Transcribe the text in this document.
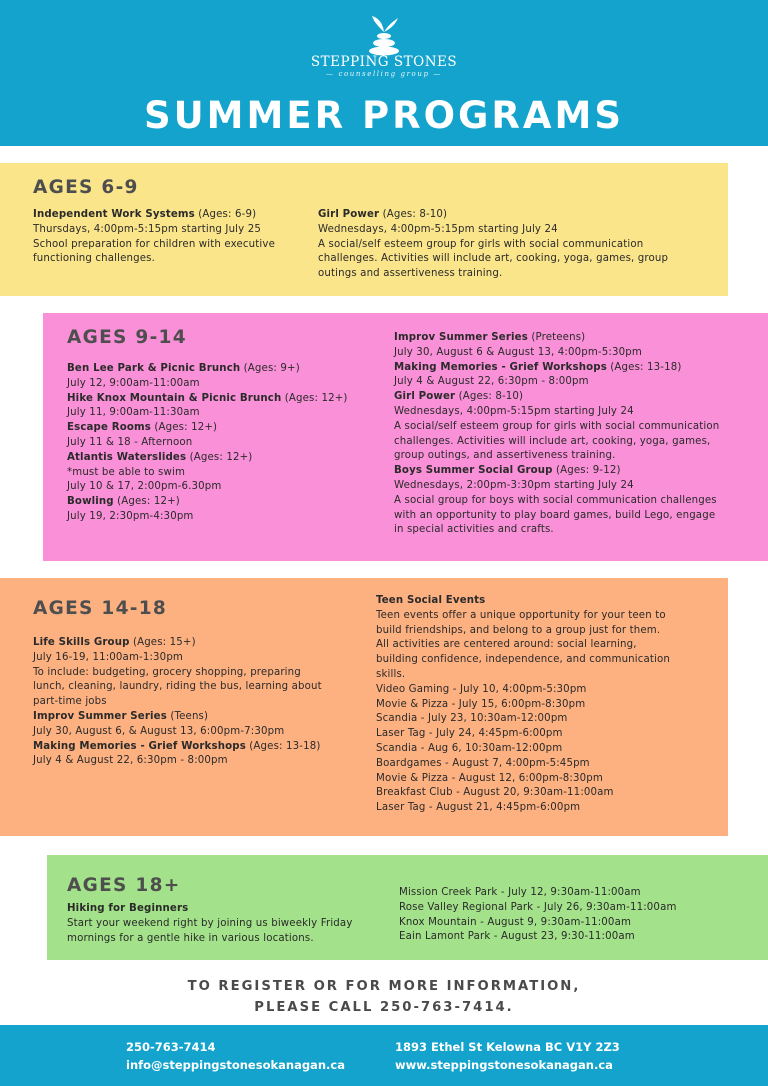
STEPPING STONES
— counselling group —
SUMMER PROGRAMS
AGES 6-9

Independent Work Systems (Ages: 6-9)

Thursdays, 4:00pm-5:15pm starting July 25

School preparation for children with executive

functioning challenges.

Girl Power (Ages: 8-10)

Wednesdays, 4:00pm-5:15pm starting July 24

A social/self esteem group for girls with social communication

challenges. Activities will include art, cooking, yoga, games, group

outings and assertiveness training.

AGES 9-14

Ben Lee Park & Picnic Brunch (Ages: 9+)

July 12, 9:00am-11:00am

Hike Knox Mountain & Picnic Brunch (Ages: 12+)

July 11, 9:00am-11:30am

Escape Rooms (Ages: 12+)

July 11 & 18 - Afternoon

Atlantis Waterslides (Ages: 12+)

*must be able to swim

July 10 & 17, 2:00pm-6.30pm

Bowling (Ages: 12+)

July 19, 2:30pm-4:30pm

Improv Summer Series (Preteens)

July 30, August 6 & August 13, 4:00pm-5:30pm

Making Memories - Grief Workshops (Ages: 13-18)

July 4 & August 22, 6:30pm - 8:00pm

Girl Power (Ages: 8-10)

Wednesdays, 4:00pm-5:15pm starting July 24

A social/self esteem group for girls with social communication

challenges. Activities will include art, cooking, yoga, games,

group outings, and assertiveness training.

Boys Summer Social Group (Ages: 9-12)

Wednesdays, 2:00pm-3:30pm starting July 24

A social group for boys with social communication challenges

with an opportunity to play board games, build Lego, engage

in special activities and crafts.

AGES 14-18

Life Skills Group (Ages: 15+)

July 16-19, 11:00am-1:30pm

To include: budgeting, grocery shopping, preparing

lunch, cleaning, laundry, riding the bus, learning about

part-time jobs

Improv Summer Series (Teens)

July 30, August 6, & August 13, 6:00pm-7:30pm

Making Memories - Grief Workshops (Ages: 13-18)

July 4 & August 22, 6:30pm - 8:00pm

Teen Social Events

Teen events offer a unique opportunity for your teen to

build friendships, and belong to a group just for them.

All activities are centered around: social learning,

building confidence, independence, and communication

skills.

Video Gaming - July 10, 4:00pm-5:30pm

Movie & Pizza - July 15, 6:00pm-8:30pm

Scandia - July 23, 10:30am-12:00pm

Laser Tag - July 24, 4:45pm-6:00pm

Scandia - Aug 6, 10:30am-12:00pm

Boardgames - August 7, 4:00pm-5:45pm

Movie & Pizza - August 12, 6:00pm-8:30pm

Breakfast Club - August 20, 9:30am-11:00am

Laser Tag - August 21, 4:45pm-6:00pm

AGES 18+

Hiking for Beginners

Start your weekend right by joining us biweekly Friday

mornings for a gentle hike in various locations.

Mission Creek Park - July 12, 9:30am-11:00am

Rose Valley Regional Park - July 26, 9:30am-11:00am

Knox Mountain - August 9, 9:30am-11:00am

Eain Lamont Park - August 23, 9:30-11:00am

TO REGISTER OR FOR MORE INFORMATION,
PLEASE CALL 250-763-7414.
250-763-7414
info@steppingstonesokanagan.ca
1893 Ethel St Kelowna BC V1Y 2Z3
www.steppingstonesokanagan.ca
